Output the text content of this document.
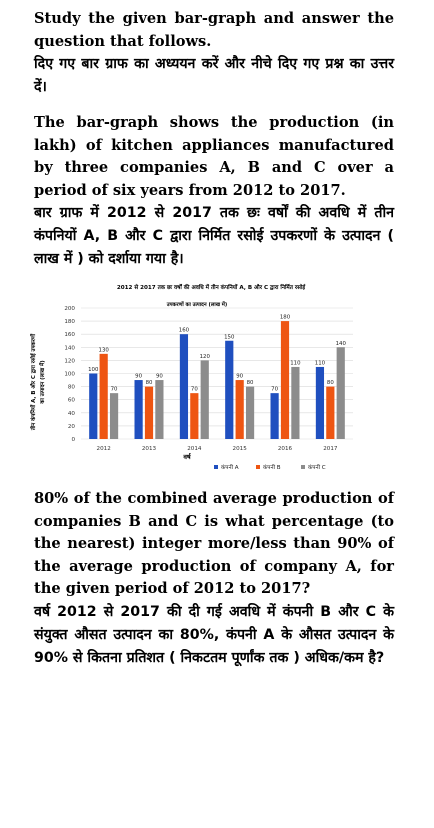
Study the given bar-graph and answer the question that follows.
दिए गए बार ग्राफ का अध्ययन करें और नीचे दिए गए प्रश्न का उत्तर दें।
The bar-graph shows the production (in lakh) of kitchen appliances manufactured by three companies A, B and C over a period of six years from 2012 to 2017.
बार ग्राफ में 2012 से 2017 तक छः वर्षों की अवधि में तीन कंपनियों A, B और C द्वारा निर्मित रसोई उपकरणों के उत्पादन ( लाख में ) को दर्शाया गया है।
2012 से 2017 तक छः वर्षों की अवधि में तीन कंपनियों A, B और C द्वारा निर्मित रसोई
उपकरणों का उत्पादन (लाख में)
तीन कंपनियों A, B और C द्वारा रसोई उपकरणों का उत्पादन (लाख में)
0
20
40
60
80
100
120
140
160
180
200
100
130
70
2012
90
80
90
2013
160
70
120
2014
150
90
80
2015
70
180
110
2016
110
80
140
2017
वर्ष
कंपनी A	कंपनी B	कंपनी C
80% of the combined average production of companies B and C is what percentage (to the nearest) integer more/less than 90% of the average production of company A, for the given period of 2012 to 2017?
वर्ष 2012 से 2017 की दी गई अवधि में कंपनी B और C के संयुक्त औसत उत्पादन का 80%, कंपनी A के औसत उत्पादन के 90% से कितना प्रतिशत ( निकटतम पूर्णांक तक ) अधिक/कम है?
